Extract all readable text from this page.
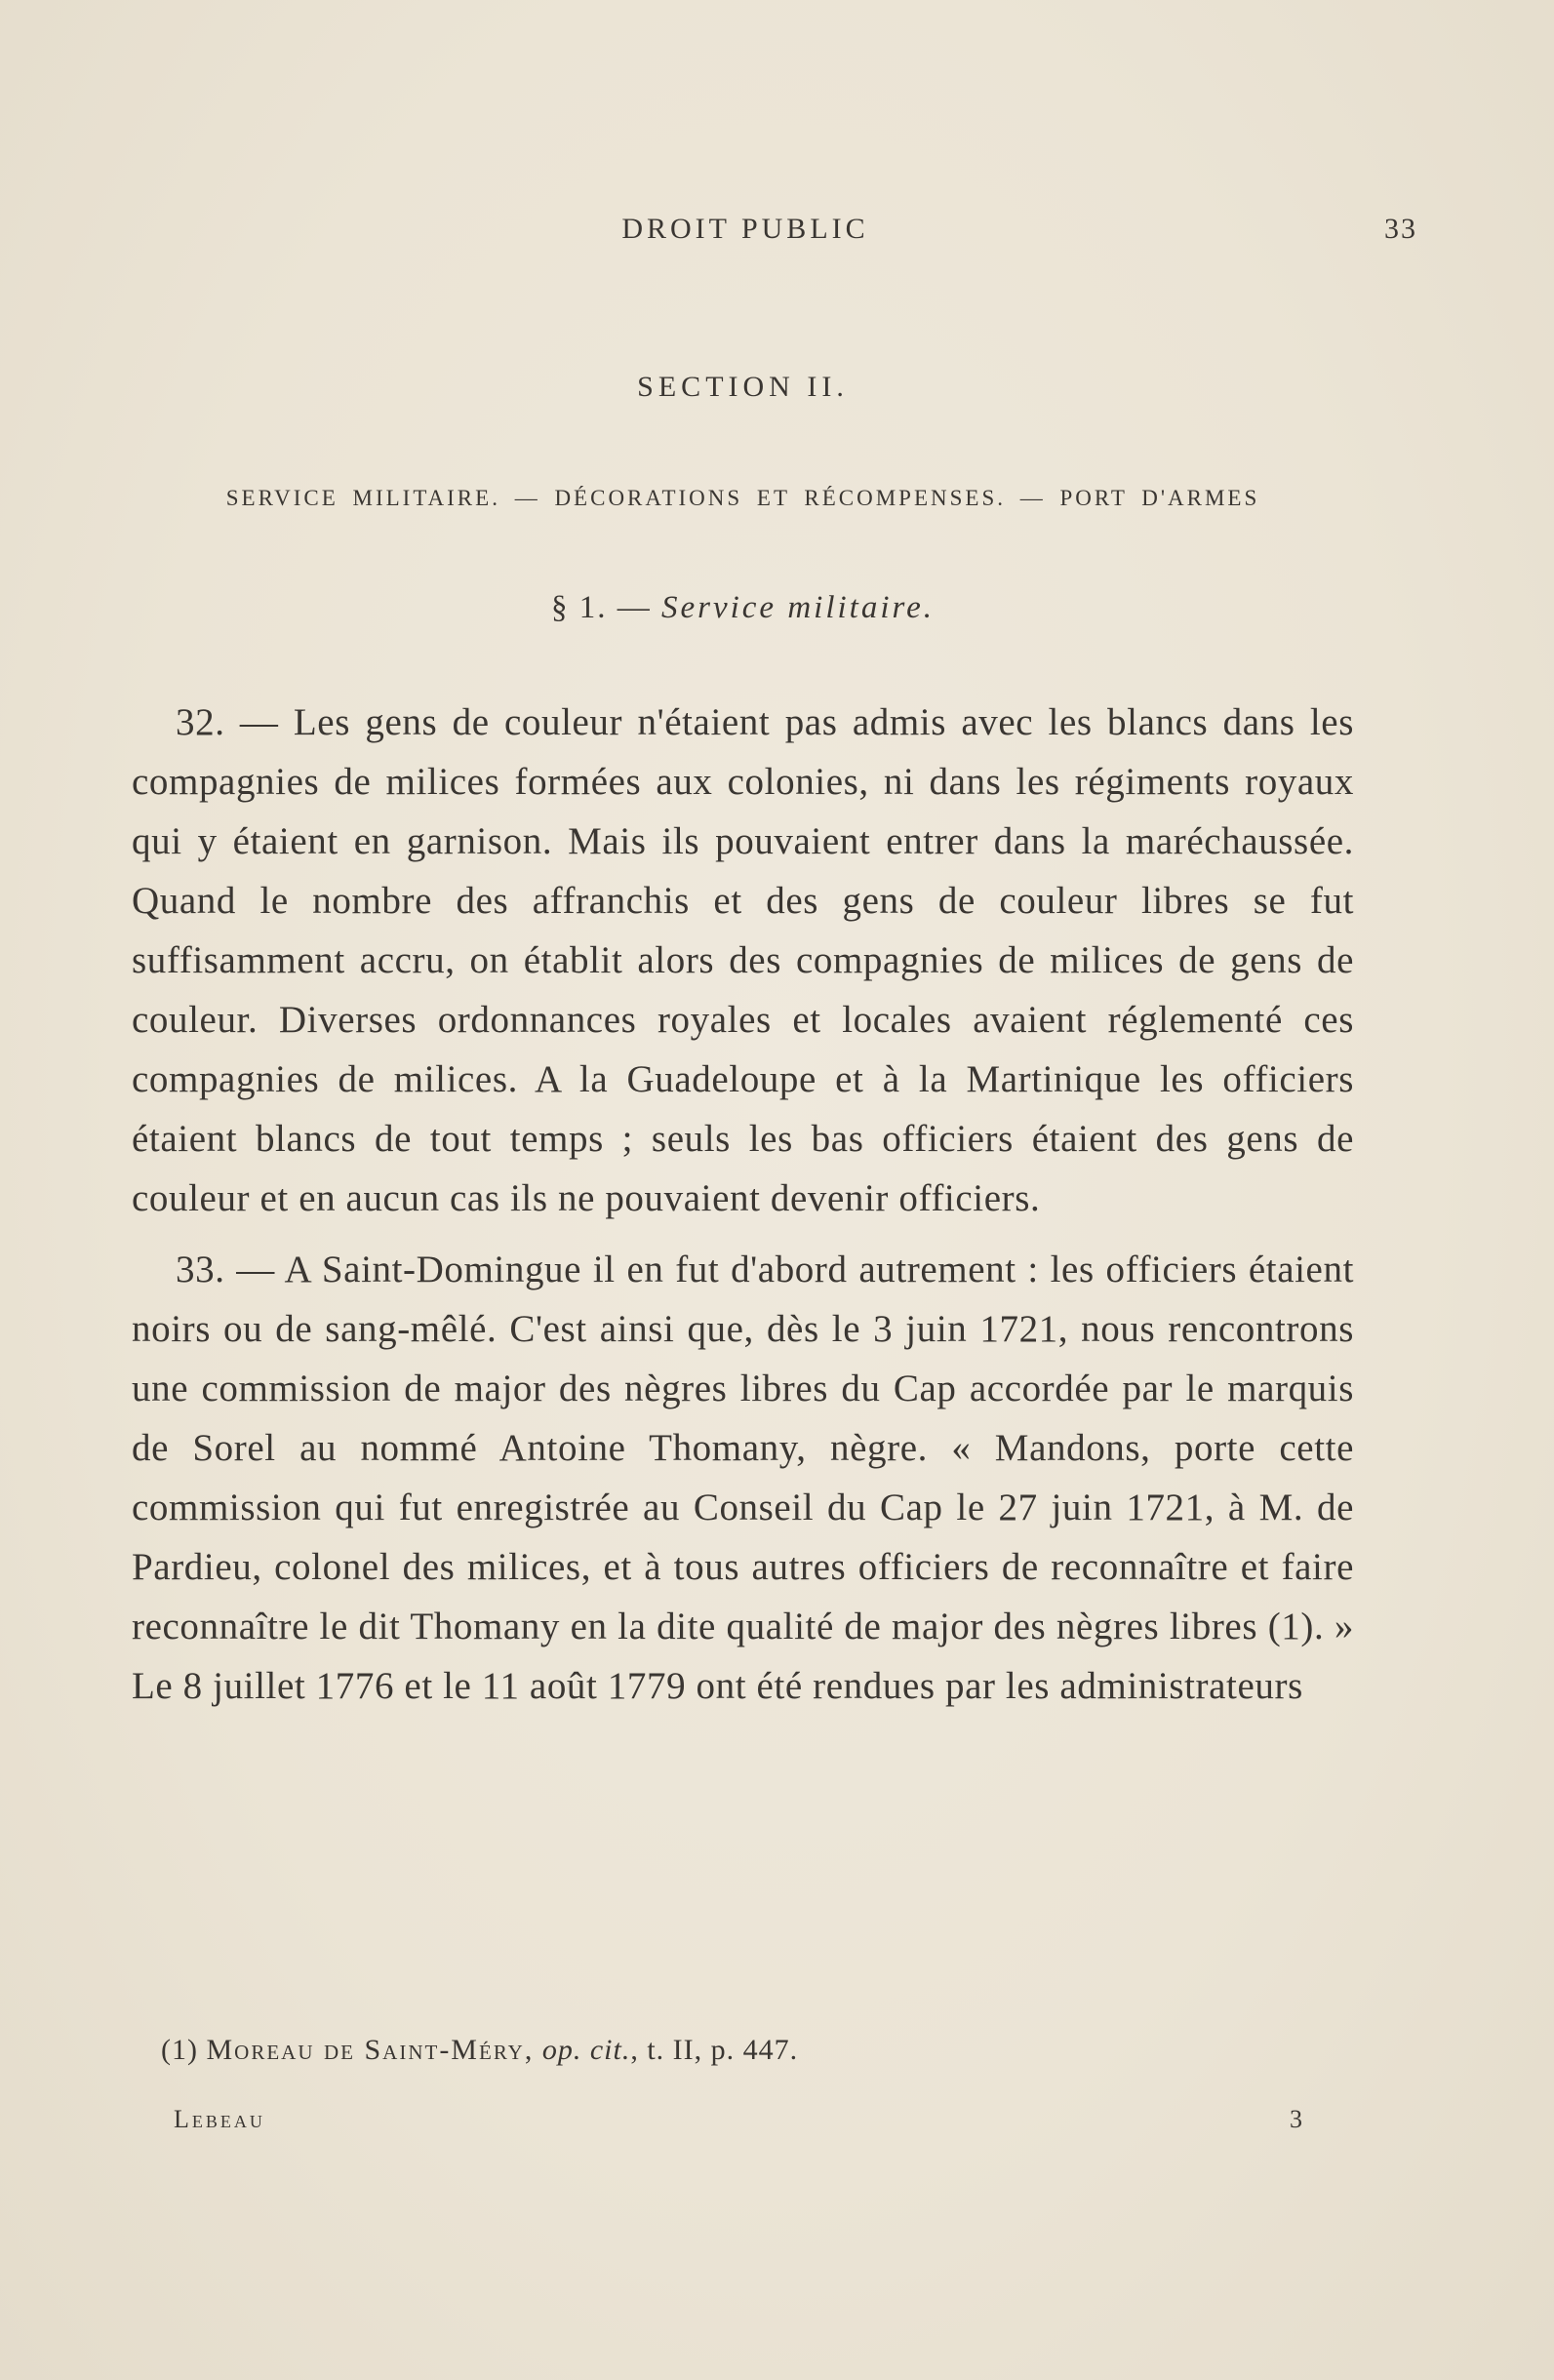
DROIT PUBLIC	33
SECTION II.
SERVICE MILITAIRE. — DÉCORATIONS ET RÉCOMPENSES. — PORT D'ARMES
§ 1. — Service militaire.

32. — Les gens de couleur n'étaient pas admis avec les blancs dans les compagnies de milices formées aux colonies, ni dans les régiments royaux qui y étaient en garnison. Mais ils pouvaient entrer dans la maréchaussée. Quand le nombre des affranchis et des gens de couleur libres se fut suffisamment accru, on établit alors des compagnies de milices de gens de couleur. Diverses ordonnances royales et locales avaient réglementé ces compagnies de milices. A la Guadeloupe et à la Martinique les officiers étaient blancs de tout temps ; seuls les bas officiers étaient des gens de couleur et en aucun cas ils ne pouvaient devenir officiers.

33. — A Saint-Domingue il en fut d'abord autrement : les officiers étaient noirs ou de sang-mêlé. C'est ainsi que, dès le 3 juin 1721, nous rencontrons une commission de major des nègres libres du Cap accordée par le marquis de Sorel au nommé Antoine Thomany, nègre. « Mandons, porte cette commission qui fut enregistrée au Conseil du Cap le 27 juin 1721, à M. de Pardieu, colonel des milices, et à tous autres officiers de reconnaître et faire reconnaître le dit Thomany en la dite qualité de major des nègres libres (1). » Le 8 juillet 1776 et le 11 août 1779 ont été rendues par les administrateurs

(1) Moreau de Saint-Méry, op. cit., t. II, p. 447.
Lebeau	3
